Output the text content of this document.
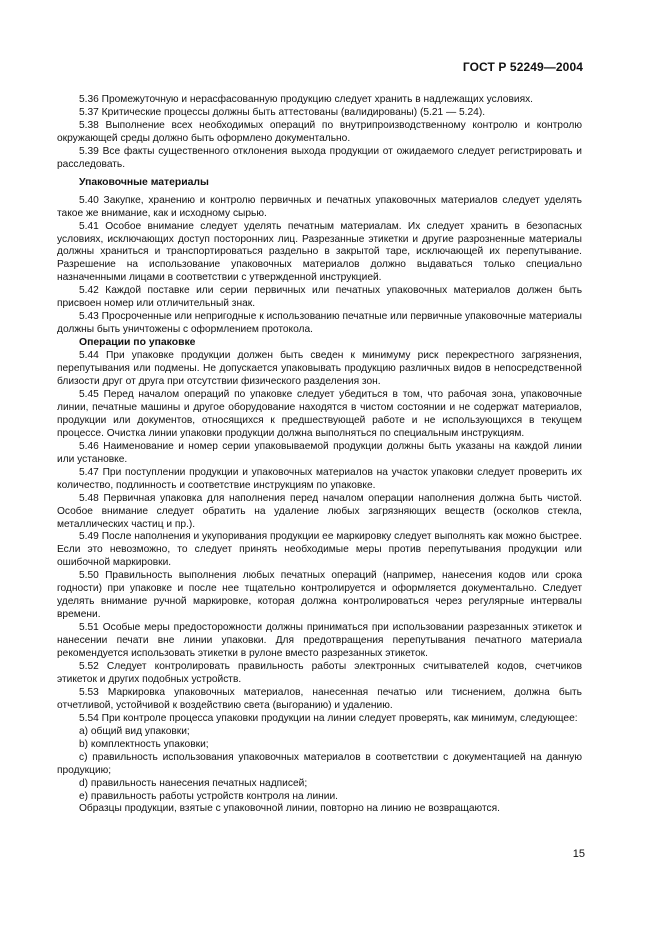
ГОСТ Р 52249—2004

5.36 Промежуточную и нерасфасованную продукцию следует хранить в надлежащих условиях.

5.37 Критические процессы должны быть аттестованы (валидированы) (5.21 — 5.24).

5.38 Выполнение всех необходимых операций по внутрипроизводственному контролю и контролю окружающей среды должно быть оформлено документально.

5.39 Все факты существенного отклонения выхода продукции от ожидаемого следует регистрировать и расследовать.

Упаковочные материалы

5.40 Закупке, хранению и контролю первичных и печатных упаковочных материалов следует уделять такое же внимание, как и исходному сырью.

5.41 Особое внимание следует уделять печатным материалам. Их следует хранить в безопасных условиях, исключающих доступ посторонних лиц. Разрезанные этикетки и другие разрозненные материалы должны храниться и транспортироваться раздельно в закрытой таре, исключающей их перепутывание. Разрешение на использование упаковочных материалов должно выдаваться только специально назначенными лицами в соответствии с утвержденной инструкцией.

5.42 Каждой поставке или серии первичных или печатных упаковочных материалов должен быть присвоен номер или отличительный знак.

5.43 Просроченные или непригодные к использованию печатные или первичные упаковочные материалы должны быть уничтожены с оформлением протокола.

Операции по упаковке

5.44 При упаковке продукции должен быть сведен к минимуму риск перекрестного загрязнения, перепутывания или подмены. Не допускается упаковывать продукцию различных видов в непосредственной близости друг от друга при отсутствии физического разделения зон.

5.45 Перед началом операций по упаковке следует убедиться в том, что рабочая зона, упаковочные линии, печатные машины и другое оборудование находятся в чистом состоянии и не содержат материалов, продукции или документов, относящихся к предшествующей работе и не использующихся в текущем процессе. Очистка линии упаковки продукции должна выполняться по специальным инструкциям.

5.46 Наименование и номер серии упаковываемой продукции должны быть указаны на каждой линии или установке.

5.47 При поступлении продукции и упаковочных материалов на участок упаковки следует проверить их количество, подлинность и соответствие инструкциям по упаковке.

5.48 Первичная упаковка для наполнения перед началом операции наполнения должна быть чистой. Особое внимание следует обратить на удаление любых загрязняющих веществ (осколков стекла, металлических частиц и пр.).

5.49 После наполнения и укупоривания продукции ее маркировку следует выполнять как можно быстрее. Если это невозможно, то следует принять необходимые меры против перепутывания продукции или ошибочной маркировки.

5.50 Правильность выполнения любых печатных операций (например, нанесения кодов или срока годности) при упаковке и после нее тщательно контролируется и оформляется документально. Следует уделять внимание ручной маркировке, которая должна контролироваться через регулярные интервалы времени.

5.51 Особые меры предосторожности должны приниматься при использовании разрезанных этикеток и нанесении печати вне линии упаковки. Для предотвращения перепутывания печатного материала рекомендуется использовать этикетки в рулоне вместо разрезанных этикеток.

5.52 Следует контролировать правильность работы электронных считывателей кодов, счетчиков этикеток и других подобных устройств.

5.53 Маркировка упаковочных материалов, нанесенная печатью или тиснением, должна быть отчетливой, устойчивой к воздействию света (выгоранию) и удалению.

5.54 При контроле процесса упаковки продукции на линии следует проверять, как минимум, следующее:

a) общий вид упаковки;

b) комплектность упаковки;

c) правильность использования упаковочных материалов в соответствии с документацией на данную продукцию;

d) правильность нанесения печатных надписей;

e) правильность работы устройств контроля на линии.

Образцы продукции, взятые с упаковочной линии, повторно на линию не возвращаются.

15
